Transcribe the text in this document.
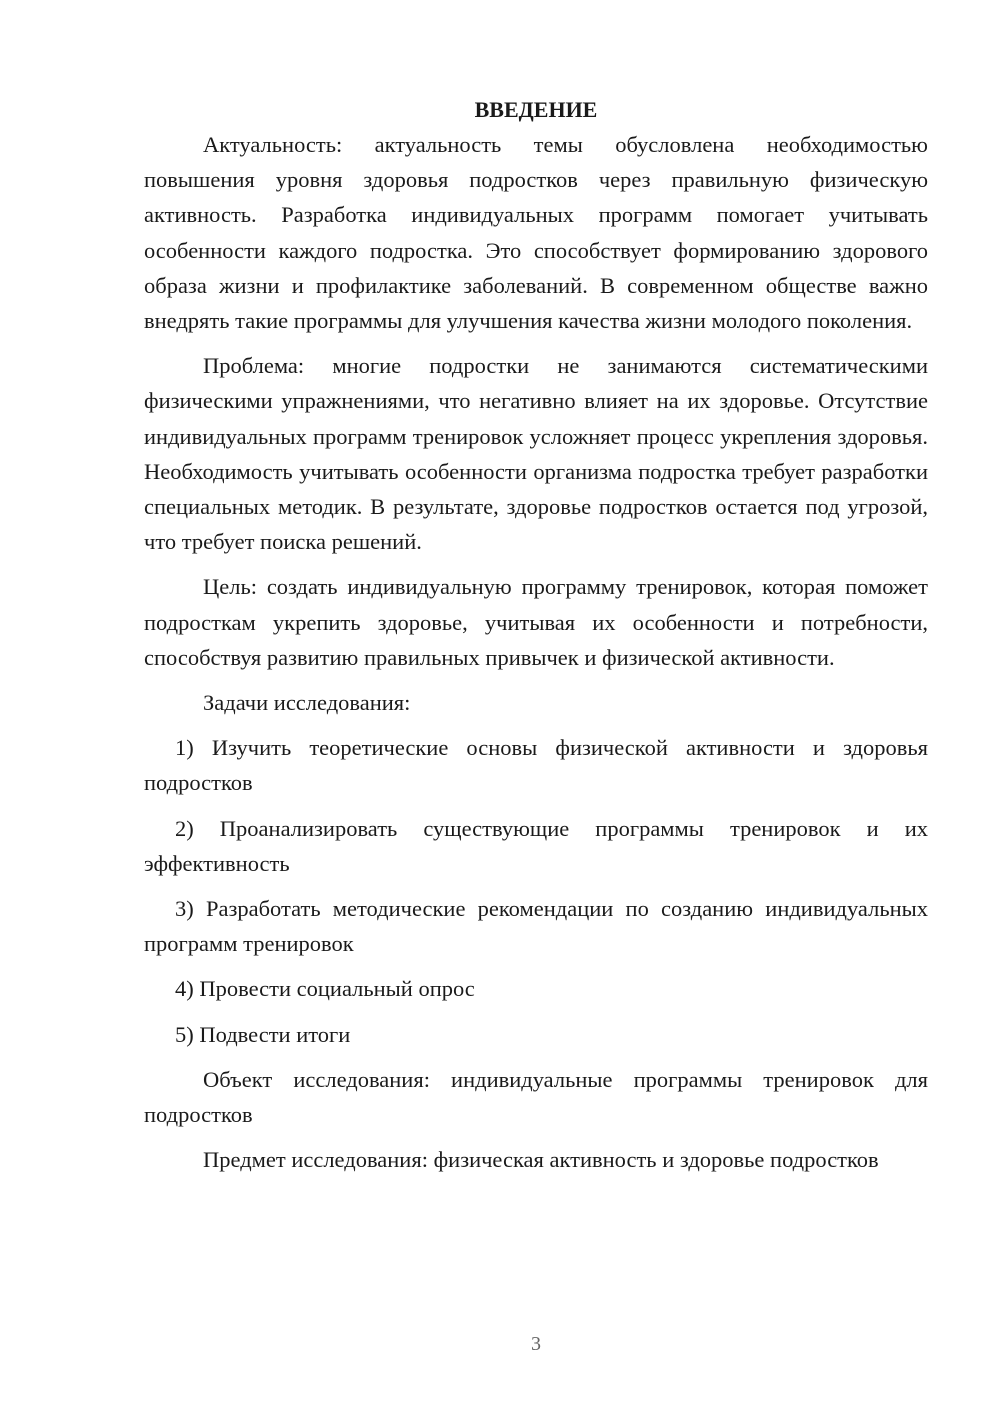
ВВЕДЕНИЕ

Актуальность: актуальность темы обусловлена необходимостью повышения уровня здоровья подростков через правильную физическую активность. Разработка индивидуальных программ помогает учитывать особенности каждого подростка. Это способствует формированию здорового образа жизни и профилактике заболеваний. В современном обществе важно внедрять такие программы для улучшения качества жизни молодого поколения.

Проблема: многие подростки не занимаются систематическими физическими упражнениями, что негативно влияет на их здоровье. Отсутствие индивидуальных программ тренировок усложняет процесс укрепления здоровья. Необходимость учитывать особенности организма подростка требует разработки специальных методик. В результате, здоровье подростков остается под угрозой, что требует поиска решений.

Цель: создать индивидуальную программу тренировок, которая поможет подросткам укрепить здоровье, учитывая их особенности и потребности, способствуя развитию правильных привычек и физической активности.

Задачи исследования:

1) Изучить теоретические основы физической активности и здоровья подростков

2) Проанализировать существующие программы тренировок и их эффективность

3) Разработать методические рекомендации по созданию индивидуальных программ тренировок

4) Провести социальный опрос

5) Подвести итоги

Объект исследования: индивидуальные программы тренировок для подростков

Предмет исследования: физическая активность и здоровье подростков

3
